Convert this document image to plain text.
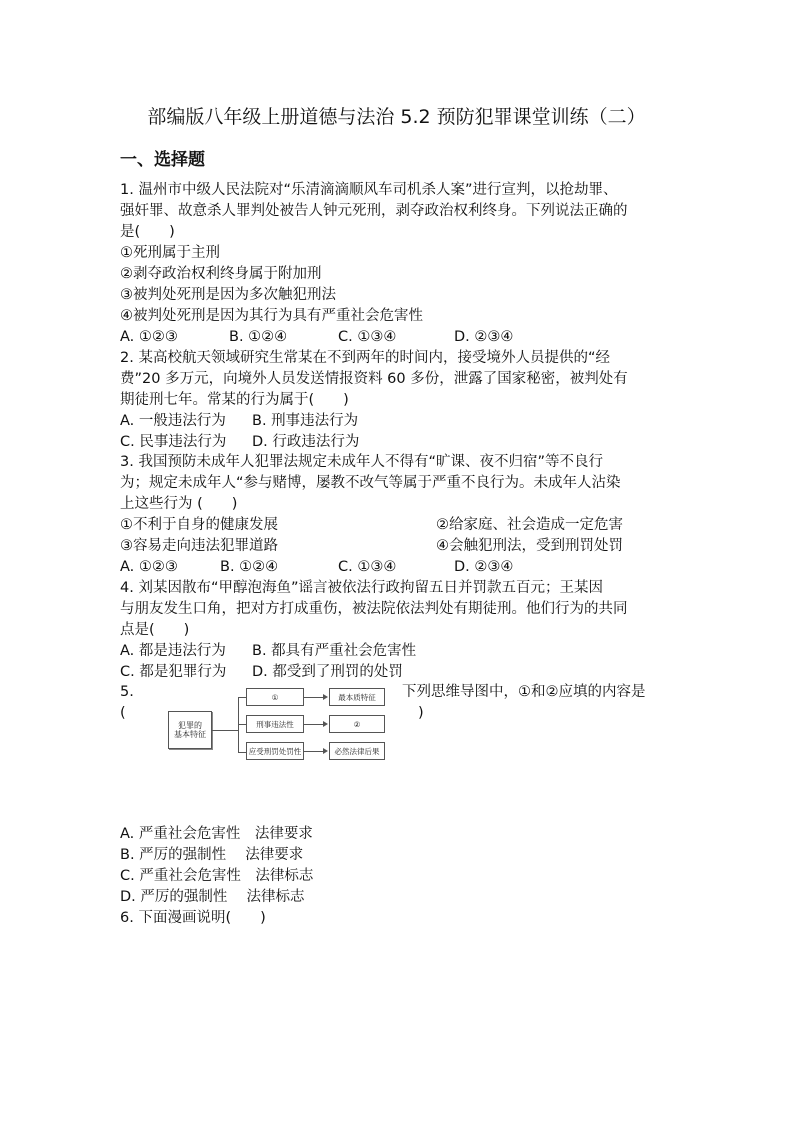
部编版八年级上册道德与法治 5.2 预防犯罪课堂训练（二）
一、选择题
1. 温州市中级人民法院对“乐清滴滴顺风车司机杀人案”进行宣判，以抢劫罪、
强奸罪、故意杀人罪判处被告人钟元死刑，剥夺政治权利终身。下列说法正确的
是(　　)
①死刑属于主刑
②剥夺政治权利终身属于附加刑
③被判处死刑是因为多次触犯刑法
④被判处死刑是因为其行为具有严重社会危害性
A. ①②③	B. ①②④	C. ①③④	D. ②③④
2. 某高校航天领域研究生常某在不到两年的时间内，接受境外人员提供的“经
费”20 多万元，向境外人员发送情报资料 60 多份，泄露了国家秘密，被判处有
期徒刑七年。常某的行为属于(　　)
A. 一般违法行为 B. 刑事违法行为
C. 民事违法行为 D. 行政违法行为
3. 我国预防未成年人犯罪法规定未成年人不得有“旷课、夜不归宿”等不良行
为；规定未成年人“参与赌博，屡教不改气等属于严重不良行为。未成年人沾染
上这些行为 (　　)
①不利于自身的健康发展	②给家庭、社会造成一定危害
③容易走向违法犯罪道路	④会触犯刑法，受到刑罚处罚
A. ①②③	B. ①②④	C. ①③④	D. ②③④
4. 刘某因散布“甲醇泡海鱼”谣言被依法行政拘留五日并罚款五百元；王某因
与朋友发生口角，把对方打成重伤，被法院依法判处有期徒刑。他们行为的共同
点是(　　)
A. 都是违法行为 B. 都具有严重社会危害性
C. 都是犯罪行为 D. 都受到了刑罚的处罚
5.	下列思维导图中，①和②应填的内容是
(	)
犯罪的
基本特征
①
刑事违法性
应受刑罚处罚性
最本质特征
②
必然法律后果
A. 严重社会危害性　法律要求
B. 严厉的强制性　 法律要求
C. 严重社会危害性　法律标志
D. 严厉的强制性　 法律标志
6. 下面漫画说明(　　)
